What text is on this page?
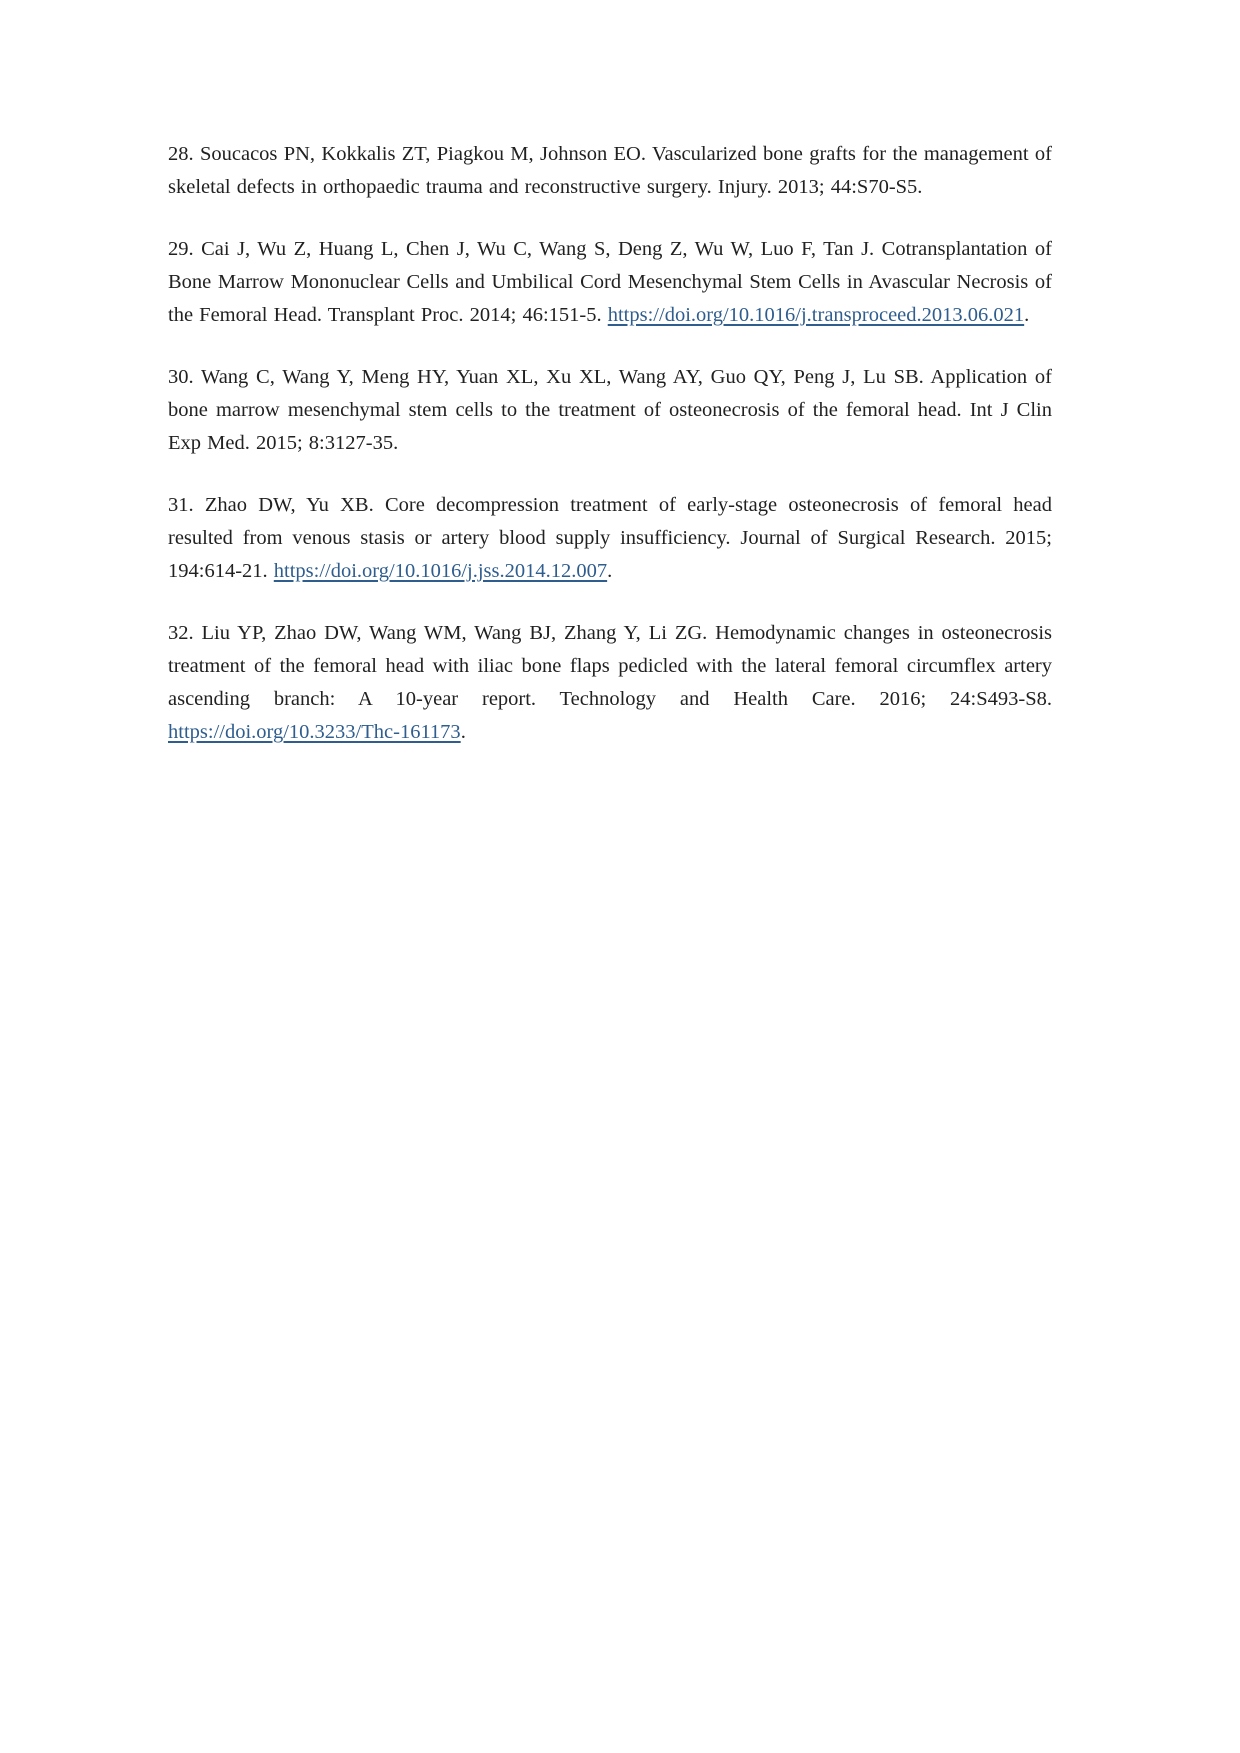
28. Soucacos PN, Kokkalis ZT, Piagkou M, Johnson EO. Vascularized bone grafts for the management of skeletal defects in orthopaedic trauma and reconstructive surgery. Injury. 2013; 44:S70-S5.

29. Cai J, Wu Z, Huang L, Chen J, Wu C, Wang S, Deng Z, Wu W, Luo F, Tan J. Cotransplantation of Bone Marrow Mononuclear Cells and Umbilical Cord Mesenchymal Stem Cells in Avascular Necrosis of the Femoral Head. Transplant Proc. 2014; 46:151-5. https://doi.org/10.1016/j.transproceed.2013.06.021.

30. Wang C, Wang Y, Meng HY, Yuan XL, Xu XL, Wang AY, Guo QY, Peng J, Lu SB. Application of bone marrow mesenchymal stem cells to the treatment of osteonecrosis of the femoral head. Int J Clin Exp Med. 2015; 8:3127-35.

31. Zhao DW, Yu XB. Core decompression treatment of early-stage osteonecrosis of femoral head resulted from venous stasis or artery blood supply insufficiency. Journal of Surgical Research. 2015; 194:614-21. https://doi.org/10.1016/j.jss.2014.12.007.

32. Liu YP, Zhao DW, Wang WM, Wang BJ, Zhang Y, Li ZG. Hemodynamic changes in osteonecrosis treatment of the femoral head with iliac bone flaps pedicled with the lateral femoral circumflex artery ascending branch: A 10-year report. Technology and Health Care. 2016; 24:S493-S8. https://doi.org/10.3233/Thc-161173.
